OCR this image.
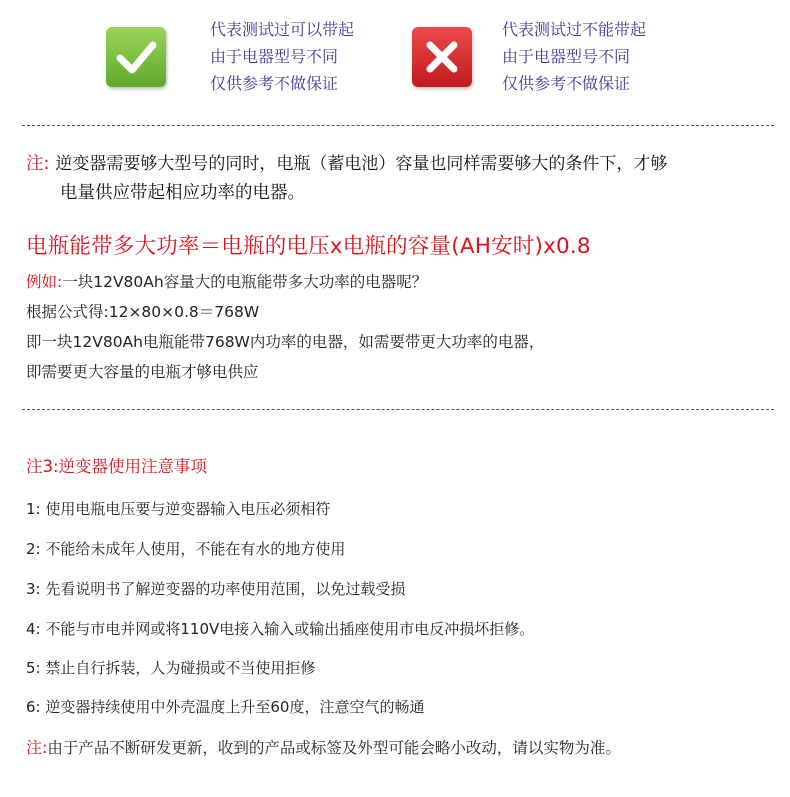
代表测试过可以带起
由于电器型号不同
仅供参考不做保证
代表测试过不能带起
由于电器型号不同
仅供参考不做保证
注: 逆变器需要够大型号的同时，电瓶（蓄电池）容量也同样需要够大的条件下，才够
电量供应带起相应功率的电器。
电瓶能带多大功率＝电瓶的电压x电瓶的容量(AH安时)x0.8
例如:一块12V80Ah容量大的电瓶能带多大功率的电器呢？
根据公式得:12×80×0.8＝768W
即一块12V80Ah电瓶能带768W内功率的电器，如需要带更大功率的电器，
即需要更大容量的电瓶才够电供应
注3:逆变器使用注意事项
1: 使用电瓶电压要与逆变器输入电压必须相符
2: 不能给未成年人使用，不能在有水的地方使用
3: 先看说明书了解逆变器的功率使用范围，以免过载受损
4: 不能与市电并网或将110V电接入输入或输出插座使用市电反冲损坏拒修。
5: 禁止自行拆装，人为碰损或不当使用拒修
6: 逆变器持续使用中外壳温度上升至60度，注意空气的畅通
注:由于产品不断研发更新，收到的产品或标签及外型可能会略小改动，请以实物为准。
